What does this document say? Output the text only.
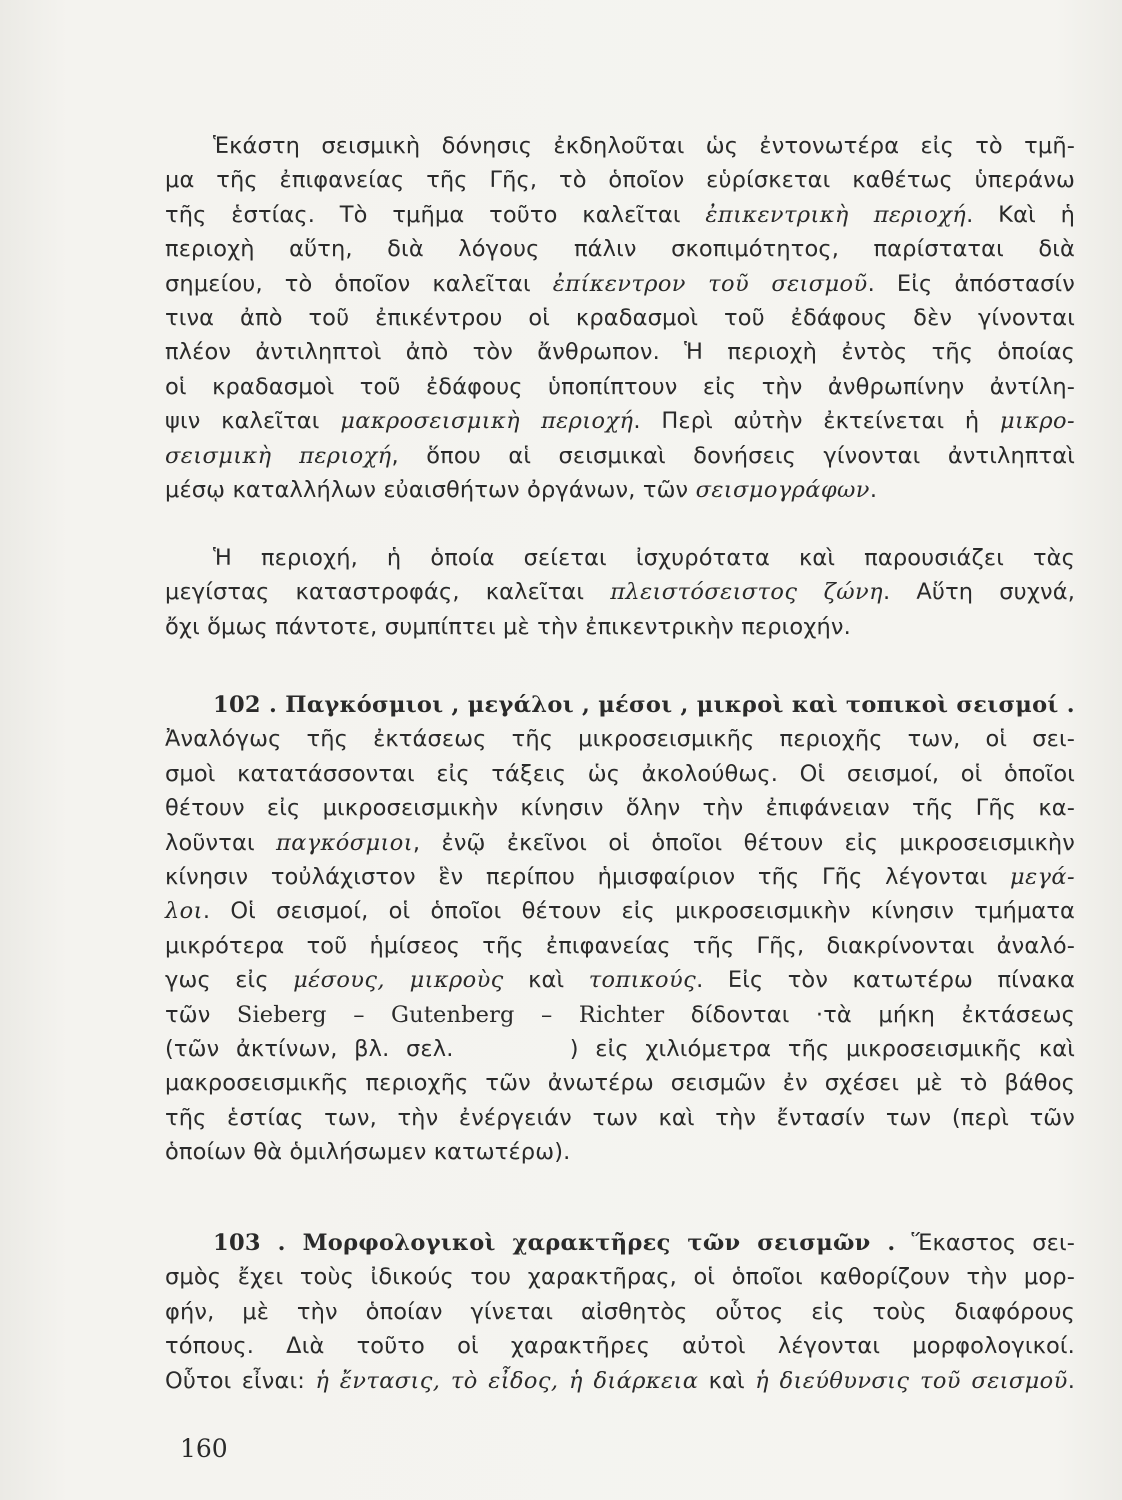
Ἑκάστη σεισμικὴ δόνησις ἐκδηλοῦται ὡς ἐντονωτέρα εἰς τὸ τμῆ-
μα τῆς ἐπιφανείας τῆς Γῆς, τὸ ὁποῖον εὑρίσκεται καθέτως ὑπεράνω
τῆς ἑστίας. Τὸ τμῆμα τοῦτο καλεῖται ἐπικεντρικὴ περιοχή. Καὶ ἡ
περιοχὴ αὕτη, διὰ λόγους πάλιν σκοπιμότητος, παρίσταται διὰ
σημείου, τὸ ὁποῖον καλεῖται ἐπίκεντρον τοῦ σεισμοῦ. Εἰς ἀπόστασίν
τινα ἀπὸ τοῦ ἐπικέντρου οἱ κραδασμοὶ τοῦ ἐδάφους δὲν γίνονται
πλέον ἀντιληπτοὶ ἀπὸ τὸν ἄνθρωπον. Ἡ περιοχὴ ἐντὸς τῆς ὁποίας
οἱ κραδασμοὶ τοῦ ἐδάφους ὑποπίπτουν εἰς τὴν ἀνθρωπίνην ἀντίλη-
ψιν καλεῖται μακροσεισμικὴ περιοχή. Περὶ αὐτὴν ἐκτείνεται ἡ μικρο-
σεισμικὴ περιοχή, ὅπου αἱ σεισμικαὶ δονήσεις γίνονται ἀντιληπταὶ
μέσῳ καταλλήλων εὐαισθήτων ὀργάνων, τῶν σεισμογράφων.
Ἡ περιοχή, ἡ ὁποία σείεται ἰσχυρότατα καὶ παρουσιάζει τὰς
μεγίστας καταστροφάς, καλεῖται πλειστόσειστος ζώνη. Αὕτη συχνά,
ὄχι ὅμως πάντοτε, συμπίπτει μὲ τὴν ἐπικεντρικὴν περιοχήν.
102 . Παγκόσμιοι , μεγάλοι , μέσοι , μικροὶ καὶ τοπικοὶ σεισμοί .
Ἀναλόγως τῆς ἐκτάσεως τῆς μικροσεισμικῆς περιοχῆς των, οἱ σει-
σμοὶ κατατάσσονται εἰς τάξεις ὡς ἀκολούθως. Οἱ σεισμοί, οἱ ὁποῖοι
θέτουν εἰς μικροσεισμικὴν κίνησιν ὅλην τὴν ἐπιφάνειαν τῆς Γῆς κα-
λοῦνται παγκόσμιοι, ἐνῷ ἐκεῖνοι οἱ ὁποῖοι θέτουν εἰς μικροσεισμικὴν
κίνησιν τοὐλάχιστον ἓν περίπου ἡμισφαίριον τῆς Γῆς λέγονται μεγά-
λοι. Οἱ σεισμοί, οἱ ὁποῖοι θέτουν εἰς μικροσεισμικὴν κίνησιν τμήματα
μικρότερα τοῦ ἡμίσεος τῆς ἐπιφανείας τῆς Γῆς, διακρίνονται ἀναλό-
γως εἰς μέσους, μικροὺς καὶ τοπικούς. Εἰς τὸν κατωτέρω πίνακα
τῶν Sieberg – Gutenberg – Richter δίδονται ·τὰ μήκη ἐκτάσεως
(τῶν ἀκτίνων, βλ. σελ.       ) εἰς χιλιόμετρα τῆς μικροσεισμικῆς καὶ
μακροσεισμικῆς περιοχῆς τῶν ἀνωτέρω σεισμῶν ἐν σχέσει μὲ τὸ βάθος
τῆς ἑστίας των, τὴν ἐνέργειάν των καὶ τὴν ἔντασίν των (περὶ τῶν
ὁποίων θὰ ὁμιλήσωμεν κατωτέρω).
103 . Μορφολογικοὶ χαρακτῆρες τῶν σεισμῶν . Ἕκαστος σει-
σμὸς ἔχει τοὺς ἰδικούς του χαρακτῆρας, οἱ ὁποῖοι καθορίζουν τὴν μορ-
φήν, μὲ τὴν ὁποίαν γίνεται αἰσθητὸς οὗτος εἰς τοὺς διαφόρους
τόπους. Διὰ τοῦτο οἱ χαρακτῆρες αὐτοὶ λέγονται μορφολογικοί.
Οὗτοι εἶναι: ἡ ἔντασις, τὸ εἶδος, ἡ διάρκεια καὶ ἡ διεύθυνσις τοῦ σεισμοῦ.
160
